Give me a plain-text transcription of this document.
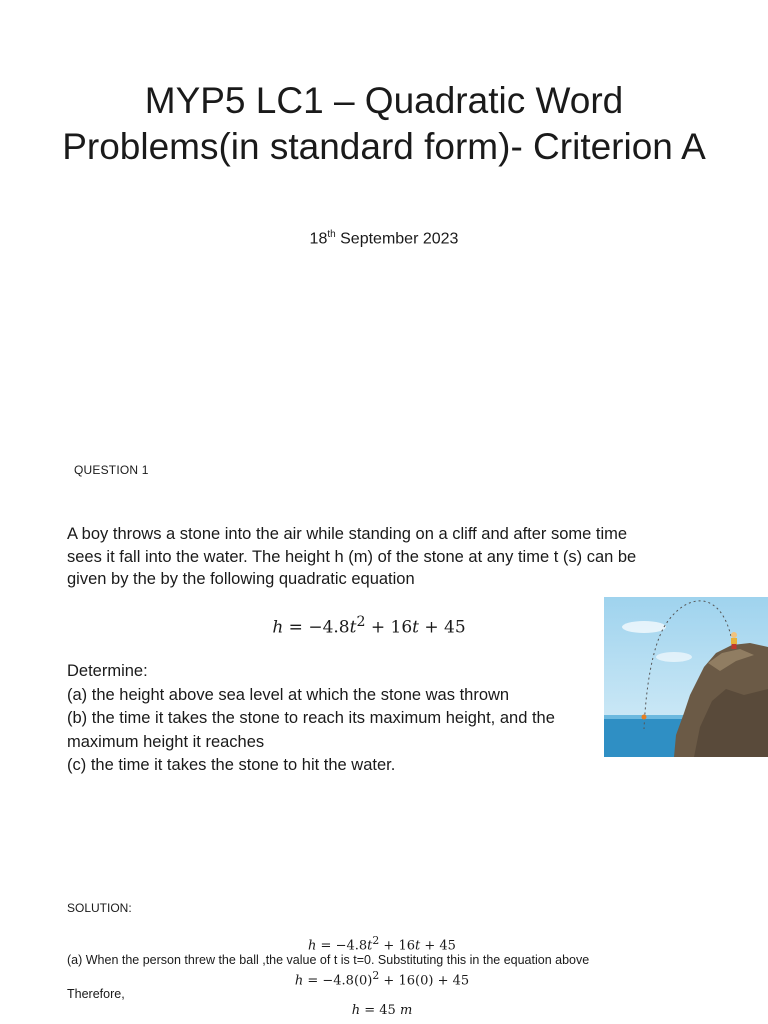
MYP5 LC1 – Quadratic Word Problems(in standard form)- Criterion A
18th September 2023
QUESTION 1

A boy throws a stone into the air while standing on a cliff and after some time sees it fall into the water. The height h (m) of the stone at any time t (s) can be given by the by the following quadratic equation

$h = -4.8t^2 + 16t + 45$
Determine:
(a) the height above sea level at which the stone was thrown
(b) the time it takes the stone to reach its maximum height, and the
maximum height it reaches
(c) the time it takes the stone to hit the water.
SOLUTION:
$h = -4.8t^2 + 16t + 45$
(a) When the person threw the ball ,the value of t is t=0. Substituting this in the equation above
$h = -4.8(0)^2 + 16(0) + 45$
Therefore,
h = 45 m
